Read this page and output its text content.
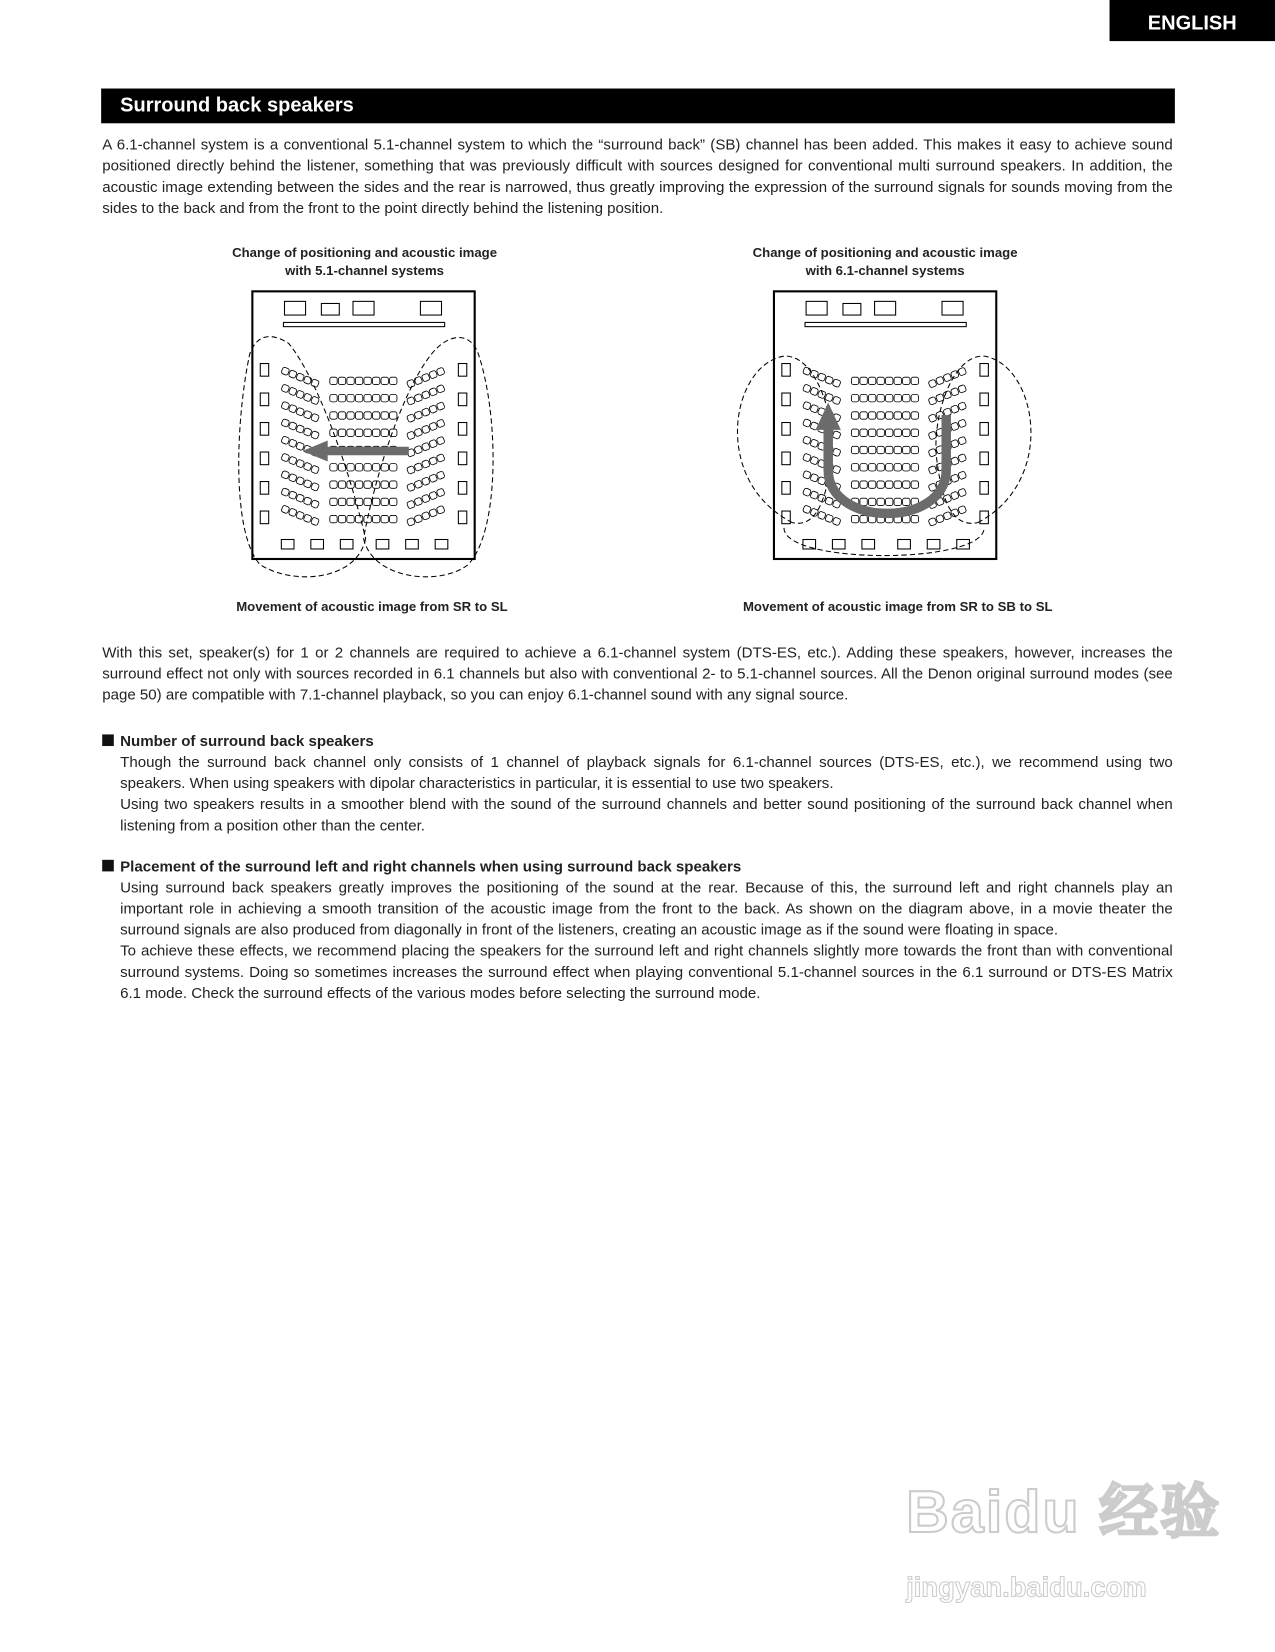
ENGLISH
Surround back speakers

A 6.1-channel system is a conventional 5.1-channel system to which the “surround back” (SB) channel has been added. This makes it easy to achieve sound positioned directly behind the listener, something that was previously difficult with sources designed for conventional multi surround speakers. In addition, the acoustic image extending between the sides and the rear is narrowed, thus greatly improving the expression of the surround signals for sounds moving from the sides to the back and from the front to the point directly behind the listening position.

Change of positioning and acoustic image
with 5.1-channel systems
Change of positioning and acoustic image
with 6.1-channel systems
Movement of acoustic image from SR to SL	Movement of acoustic image from SR to SB to SL

With this set, speaker(s) for 1 or 2 channels are required to achieve a 6.1-channel system (DTS-ES, etc.). Adding these speakers, however, increases the surround effect not only with sources recorded in 6.1 channels but also with conventional 2- to 5.1-channel sources. All the Denon original surround modes (see page 50) are compatible with 7.1-channel playback, so you can enjoy 6.1-channel sound with any signal source.

Number of surround back speakers

Though the surround back channel only consists of 1 channel of playback signals for 6.1-channel sources (DTS-ES, etc.), we recommend using two speakers. When using speakers with dipolar characteristics in particular, it is essential to use two speakers.

Using two speakers results in a smoother blend with the sound of the surround channels and better sound positioning of the surround back channel when listening from a position other than the center.

Placement of the surround left and right channels when using surround back speakers

Using surround back speakers greatly improves the positioning of the sound at the rear. Because of this, the surround left and right channels play an important role in achieving a smooth transition of the acoustic image from the front to the back. As shown on the diagram above, in a movie theater the surround signals are also produced from diagonally in front of the listeners, creating an acoustic image as if the sound were floating in space.

To achieve these effects, we recommend placing the speakers for the surround left and right channels slightly more towards the front than with conventional surround systems. Doing so sometimes increases the surround effect when playing conventional 5.1-channel sources in the 6.1 surround or DTS-ES Matrix 6.1 mode. Check the surround effects of the various modes before selecting the surround mode.

Baidu 经验
jingyan.baidu.com
